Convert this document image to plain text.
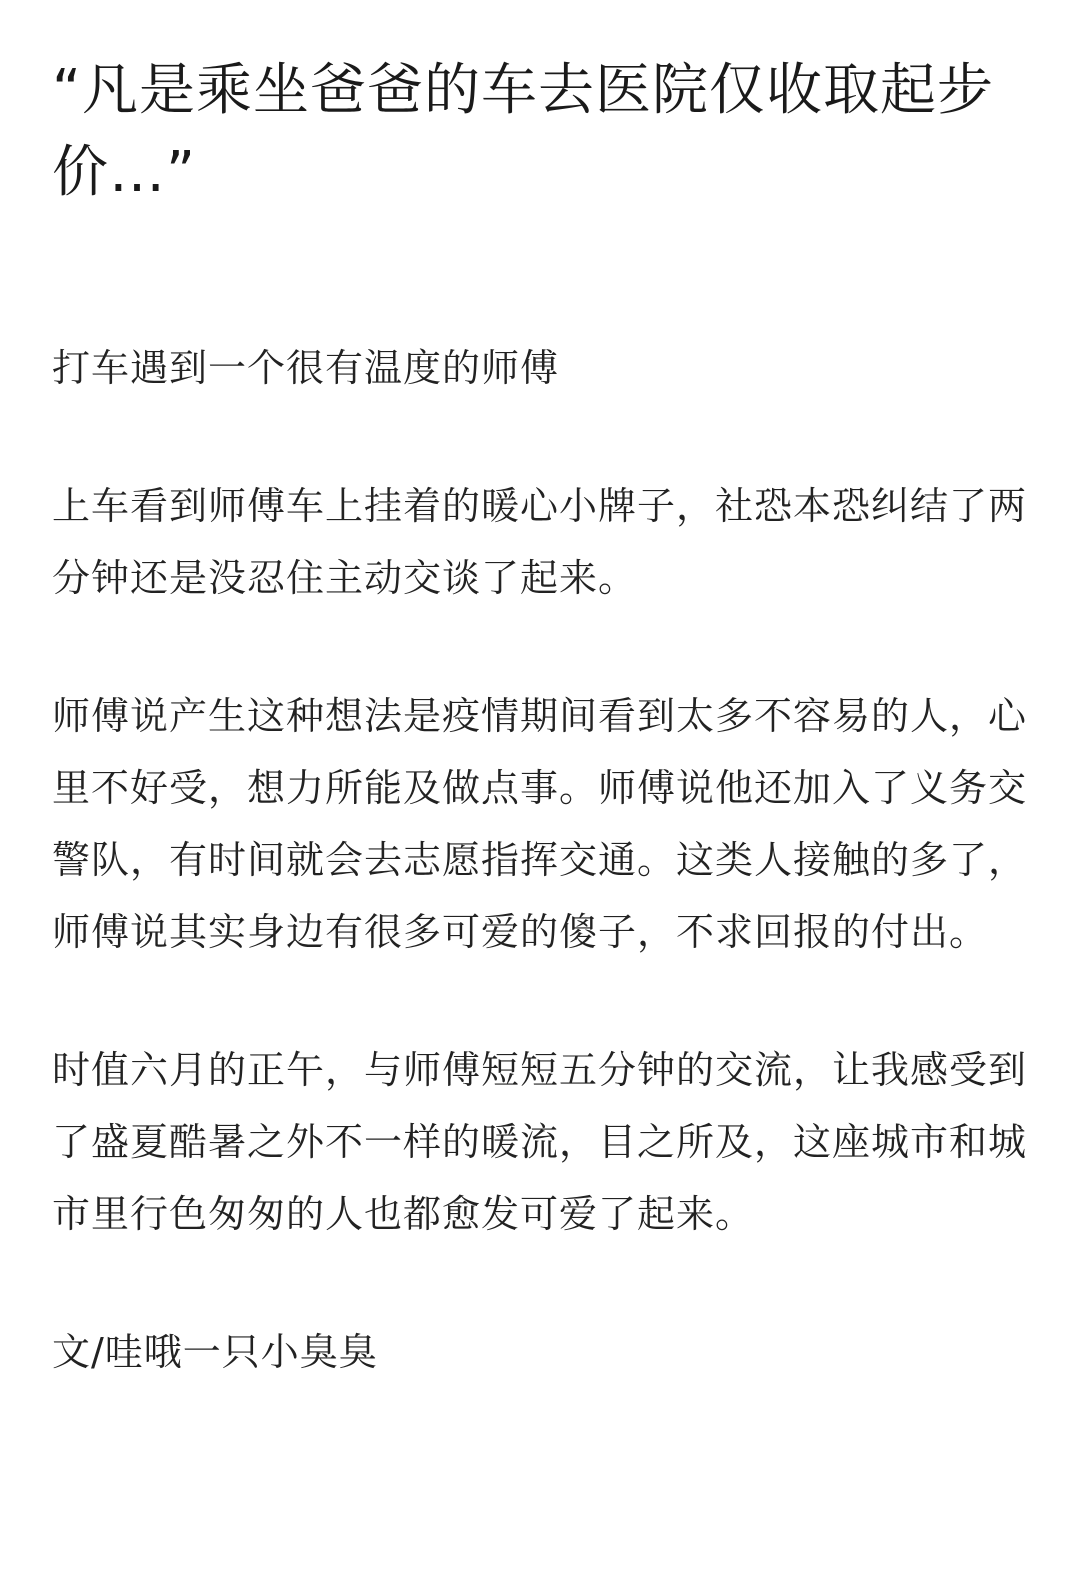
“凡是乘坐爸爸的车去医院仅收取起步价…”

打车遇到一个很有温度的师傅

上车看到师傅车上挂着的暖心小牌子，社恐本恐纠结了两分钟还是没忍住主动交谈了起来。

师傅说产生这种想法是疫情期间看到太多不容易的人，心里不好受，想力所能及做点事。师傅说他还加入了义务交警队，有时间就会去志愿指挥交通。这类人接触的多了，师傅说其实身边有很多可爱的傻子，不求回报的付出。

时值六月的正午，与师傅短短五分钟的交流，让我感受到了盛夏酷暑之外不一样的暖流，目之所及，这座城市和城市里行色匆匆的人也都愈发可爱了起来。

文/哇哦一只小臭臭
